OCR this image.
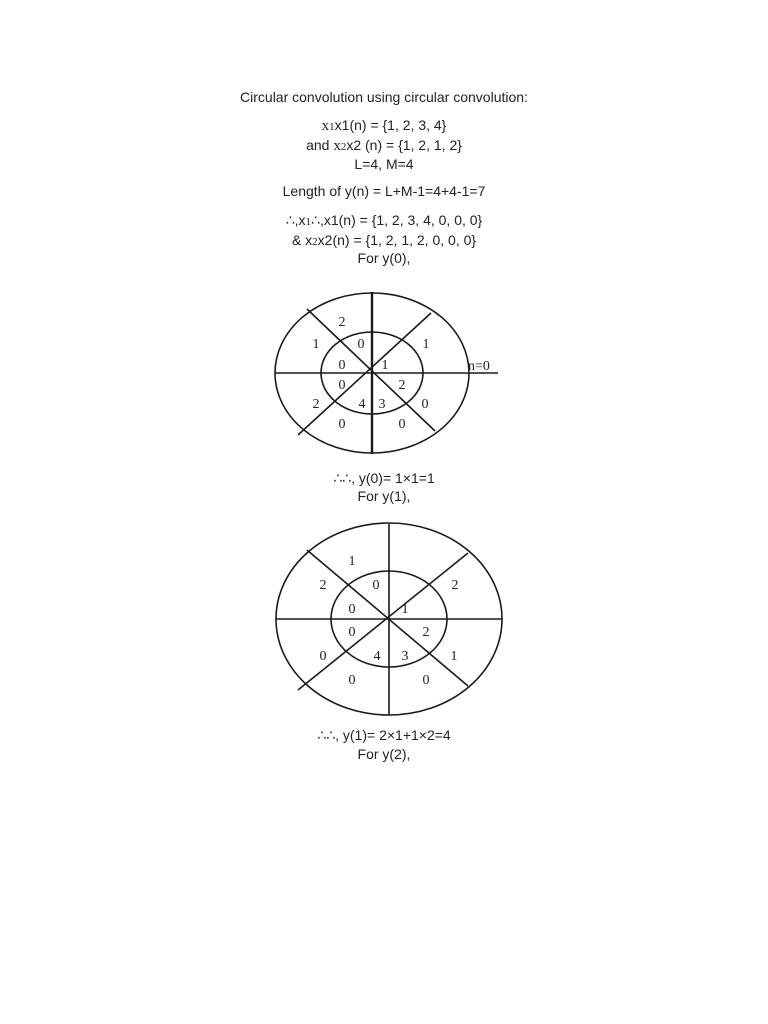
Circular convolution using circular convolution:
x1x1(n) = {1, 2, 3, 4}
and x2x2 (n) = {1, 2, 1, 2}
L=4, M=4
Length of y(n) = L+M-1=4+4-1=7
∴,x1∴,x1(n) = {1, 2, 3, 4, 0, 0, 0}
& x2x2(n) = {1, 2, 1, 2, 0, 0, 0}
For y(0),
2
1	1
2	0
0	0
0
0	1
0	2
4 3
n=0
∴∴, y(0)= 1×1=1
For y(1),
1
2	2
0	1
0	0
0
0	1
0	2
4 3
∴∴, y(1)= 2×1+1×2=4
For y(2),
